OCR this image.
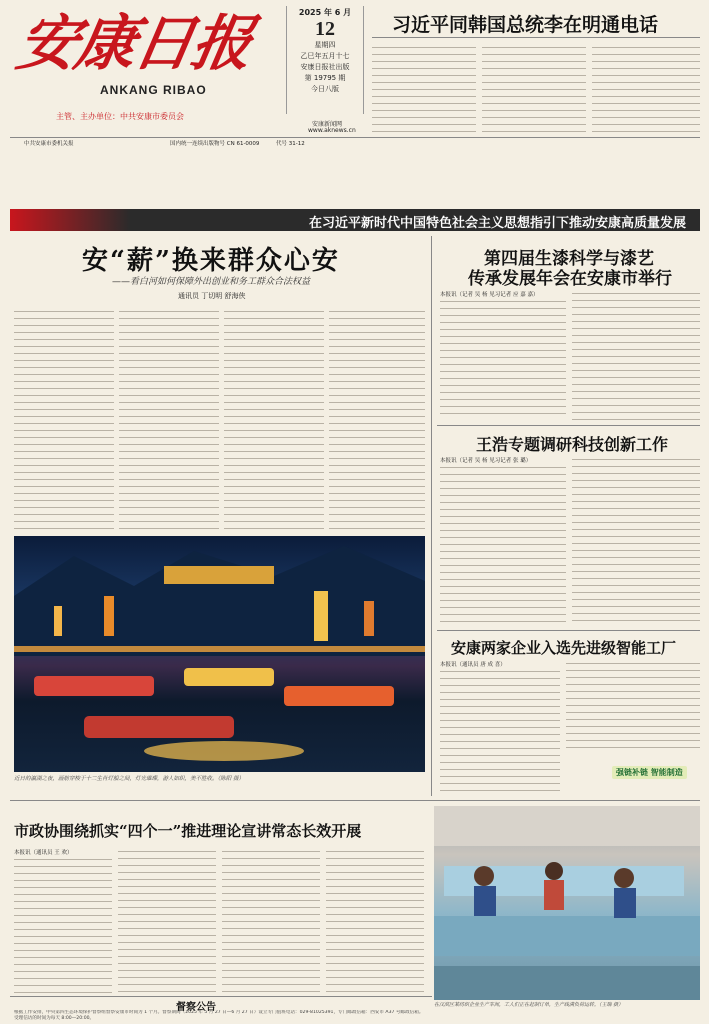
安康日报
ANKANG RIBAO
主管、主办单位：中共安康市委员会
2025 年 6 月
12
星期四
乙巳年五月十七
安康日报社出版
第 19795 期
今日八版
习近平同韩国总统李在明通电话
安康新闻网
www.aknews.cn
中共安康市委机关报	国内统一连续出版物号 CN 61-0009	代号 31-12
在习近平新时代中国特色社会主义思想指引下推动安康高质量发展
安“薪”换来群众心安
——看白河如何保障外出创业和务工群众合法权益
通讯员 丁切明 舒海侠
近日的瀛湖之夜，画舫穿梭于十二生肖灯船之间，灯光璀璨，游人如织，美不胜收。（陈阳 摄）
第四届生漆科学与漆艺
传承发展年会在安康市举行
本报讯（记者 吴 杨 见习记者 应 嘉 嘉）
王浩专题调研科技创新工作
本报讯（记者 吴 杨 见习记者 张 璐）
安康两家企业入选先进级智能工厂
本报讯（通讯员 唐 成 喜）
强链补链 智能制造
市政协围绕抓实“四个一”推进理论宣讲常态长效开展
本报讯（通讯员 王 欢）
在汉滨区某纺织企业生产车间，工人们正在赶制订单，生产线满负荷运转。（王瑞 摄）
督察公告
根据工作安排，中央第四生态环境保护督察组督察安康市时间为 1 个月。督察期间（2025 年 5 月 27 日—6 月 27 日）设立专门值班电话：029-81025391，专门邮政信箱：西安市 A37 号邮政信箱。受理信访的时间为每天 8:00—20:00。
